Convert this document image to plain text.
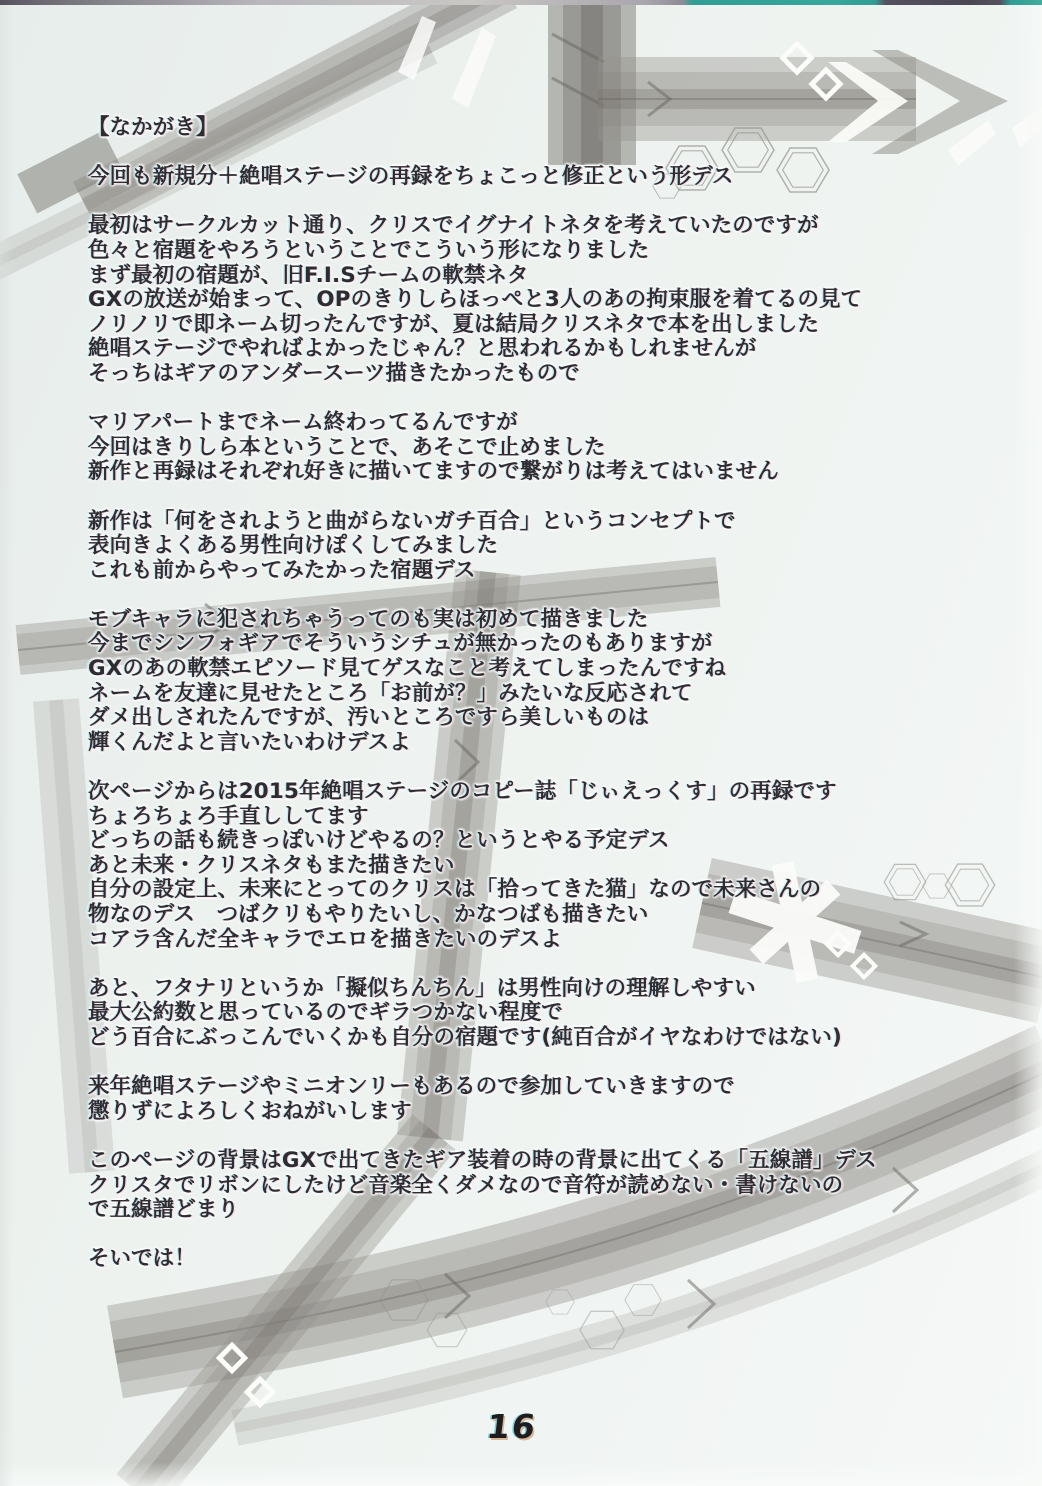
【なかがき】
今回も新規分＋絶唱ステージの再録をちょこっと修正という形デス
最初はサークルカット通り、クリスでイグナイトネタを考えていたのですが
色々と宿題をやろうということでこういう形になりました
まず最初の宿題が、旧F.I.Sチームの軟禁ネタ
GXの放送が始まって、OPのきりしらほっぺと3人のあの拘束服を着てるの見て
ノリノリで即ネーム切ったんですが、夏は結局クリスネタで本を出しました
絶唱ステージでやればよかったじゃん？と思われるかもしれませんが
そっちはギアのアンダースーツ描きたかったもので
マリアパートまでネーム終わってるんですが
今回はきりしら本ということで、あそこで止めました
新作と再録はそれぞれ好きに描いてますので繋がりは考えてはいません
新作は「何をされようと曲がらないガチ百合」というコンセプトで
表向きよくある男性向けぽくしてみました
これも前からやってみたかった宿題デス
モブキャラに犯されちゃうってのも実は初めて描きました
今までシンフォギアでそういうシチュが無かったのもありますが
GXのあの軟禁エピソード見てゲスなこと考えてしまったんですね
ネームを友達に見せたところ「お前が？」みたいな反応されて
ダメ出しされたんですが、汚いところですら美しいものは
輝くんだよと言いたいわけデスよ
次ページからは2015年絶唱ステージのコピー誌「じぃえっくす」の再録です
ちょろちょろ手直ししてます
どっちの話も続きっぽいけどやるの？というとやる予定デス
あと未来・クリスネタもまた描きたい
自分の設定上、未来にとってのクリスは「拾ってきた猫」なので未来さんの
物なのデス　つばクリもやりたいし、かなつばも描きたい
コアラ含んだ全キャラでエロを描きたいのデスよ
あと、フタナリというか「擬似ちんちん」は男性向けの理解しやすい
最大公約数と思っているのでギラつかない程度で
どう百合にぶっこんでいくかも自分の宿題です(純百合がイヤなわけではない)
来年絶唱ステージやミニオンリーもあるので参加していきますので
懲りずによろしくおねがいします
このページの背景はGXで出てきたギア装着の時の背景に出てくる「五線譜」デス
クリスタでリボンにしたけど音楽全くダメなので音符が読めない・書けないの
で五線譜どまり
そいでは！
16
